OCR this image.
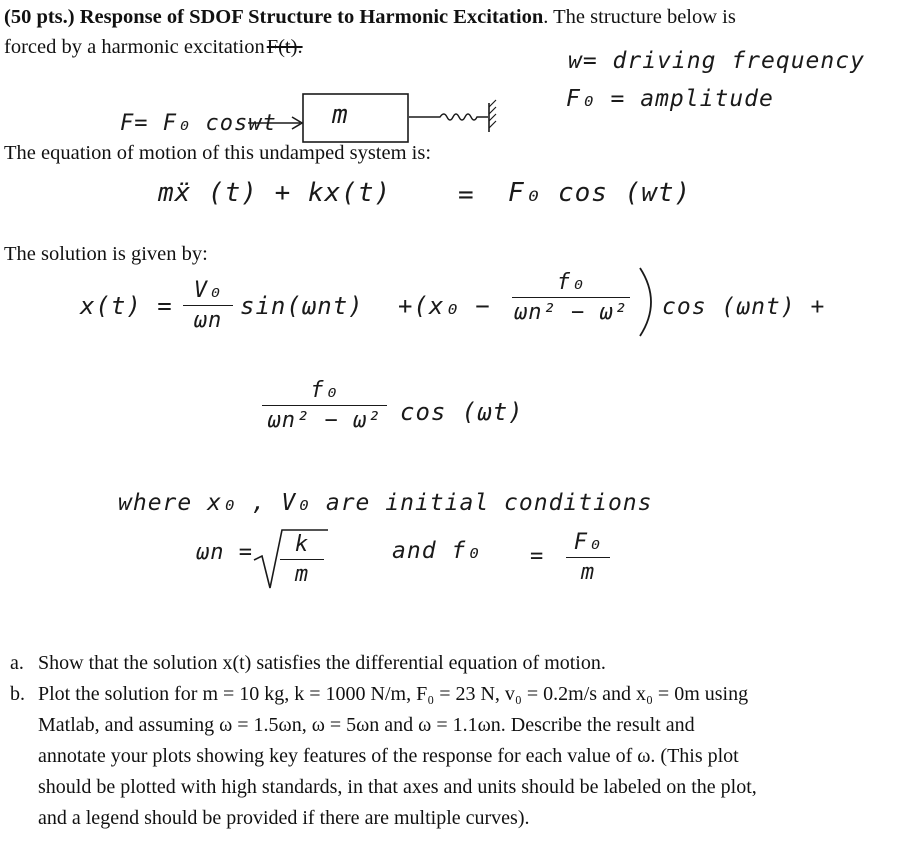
(50 pts.) Response of SDOF Structure to Harmonic Excitation. The structure below is
forced by a harmonic excitationF(t).
w= driving frequency
F₀ = amplitude
F= F₀ coswt m
The equation of motion of this undamped system is:
mẍ (t) + kx(t)	= F₀ cos (wt)
The solution is given by:
x(t) =
V₀
ωn
sin(ωnt) +(x₀ −
f₀
ωn² − ω² cos (ωnt) +
f₀
ωn² − ω² cos (ωt)
where x₀ , V₀ are initial conditions
ωn =	k
m
and f₀ =
F₀
m
a. Show that the solution x(t) satisfies the differential equation of motion.
b. Plot the solution for m = 10 kg, k = 1000 N/m, F₀ = 23 N, v₀ = 0.2m/s and x₀ = 0m using
Matlab, and assuming ω = 1.5ωn, ω = 5ωn and ω = 1.1ωn. Describe the result and
annotate your plots showing key features of the response for each value of ω. (This plot
should be plotted with high standards, in that axes and units should be labeled on the plot,
and a legend should be provided if there are multiple curves).
